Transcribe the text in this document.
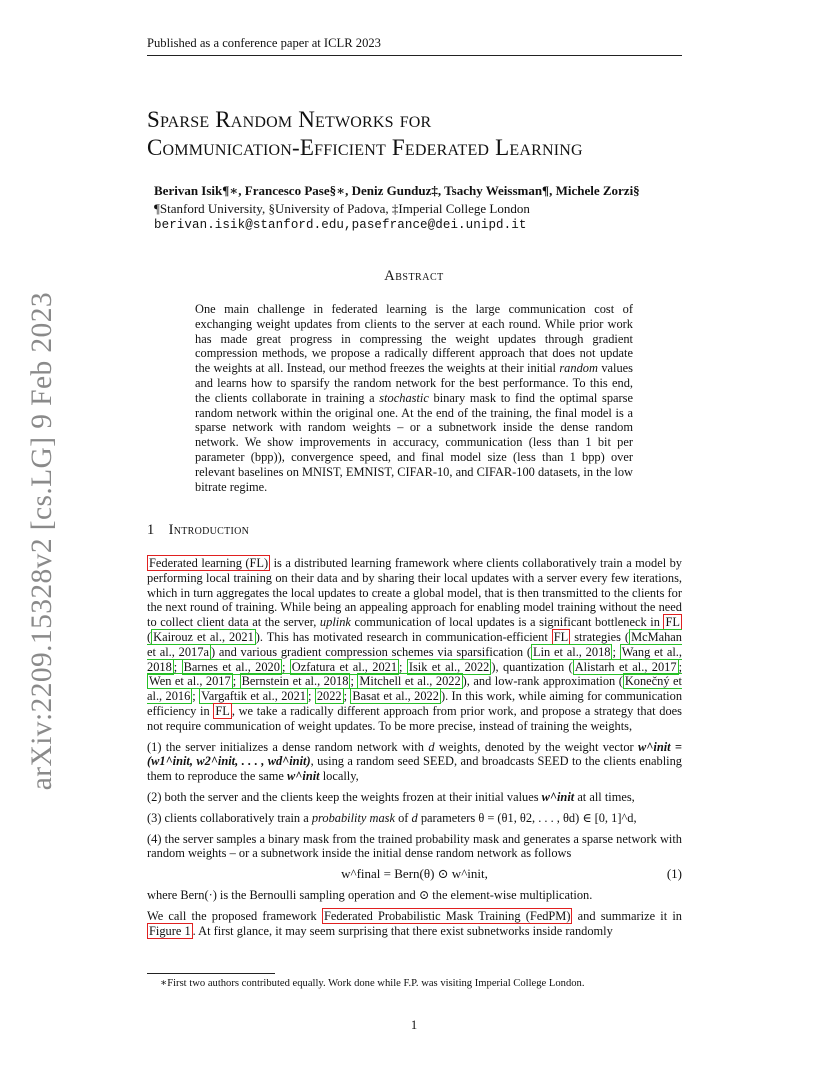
Published as a conference paper at ICLR 2023
arXiv:2209.15328v2 [cs.LG] 9 Feb 2023
Sparse Random Networks for
Communication-Efficient Federated Learning
Berivan Isik¶∗, Francesco Pase§∗, Deniz Gunduz‡, Tsachy Weissman¶, Michele Zorzi§
¶Stanford University, §University of Padova, ‡Imperial College London
berivan.isik@stanford.edu,pasefrance@dei.unipd.it
Abstract
One main challenge in federated learning is the large communication cost of exchanging weight updates from clients to the server at each round. While prior work has made great progress in compressing the weight updates through gradient compression methods, we propose a radically different approach that does not update the weights at all. Instead, our method freezes the weights at their initial random values and learns how to sparsify the random network for the best performance. To this end, the clients collaborate in training a stochastic binary mask to find the optimal sparse random network within the original one. At the end of the training, the final model is a sparse network with random weights – or a subnetwork inside the dense random network. We show improvements in accuracy, communication (less than 1 bit per parameter (bpp)), convergence speed, and final model size (less than 1 bpp) over relevant baselines on MNIST, EMNIST, CIFAR-10, and CIFAR-100 datasets, in the low bitrate regime.
1 Introduction

Federated learning (FL) is a distributed learning framework where clients collaboratively train a model by performing local training on their data and by sharing their local updates with a server every few iterations, which in turn aggregates the local updates to create a global model, that is then transmitted to the clients for the next round of training. While being an appealing approach for enabling model training without the need to collect client data at the server, uplink communication of local updates is a significant bottleneck in FL ( Kairouz et al., 2021 ). This has motivated research in communication-efficient FL strategies ( McMahan et al., 2017a ) and various gradient compression schemes via sparsification ( Lin et al., 2018 ; Wang et al., 2018 ; Barnes et al., 2020 ; Ozfatura et al., 2021 ; Isik et al., 2022 ), quantization ( Alistarh et al., 2017 ; Wen et al., 2017 ; Bernstein et al., 2018 ; Mitchell et al., 2022 ), and low-rank approximation ( Konečný et al., 2016 ; Vargaftik et al., 2021 ; 2022 ; Basat et al., 2022 ). In this work, while aiming for communication efficiency in FL , we take a radically different approach from prior work, and propose a strategy that does not require communication of weight updates. To be more precise, instead of training the weights,

(1) the server initializes a dense random network with d weights, denoted by the weight vector w^init = (w1^init, w2^init, . . . , wd^init), using a random seed SEED, and broadcasts SEED to the clients enabling them to reproduce the same w^init locally,

(2) both the server and the clients keep the weights frozen at their initial values w^init at all times,

(3) clients collaboratively train a probability mask of d parameters θ = (θ1, θ2, . . . , θd) ∈ [0, 1]^d,

(4) the server samples a binary mask from the trained probability mask and generates a sparse network with random weights – or a subnetwork inside the initial dense random network as follows

w^final = Bern(θ) ⊙ w^init,	(1)

where Bern(·) is the Bernoulli sampling operation and ⊙ the element-wise multiplication.

We call the proposed framework Federated Probabilistic Mask Training (FedPM) and summarize it in Figure 1 . At first glance, it may seem surprising that there exist subnetworks inside randomly

∗First two authors contributed equally. Work done while F.P. was visiting Imperial College London.
1
